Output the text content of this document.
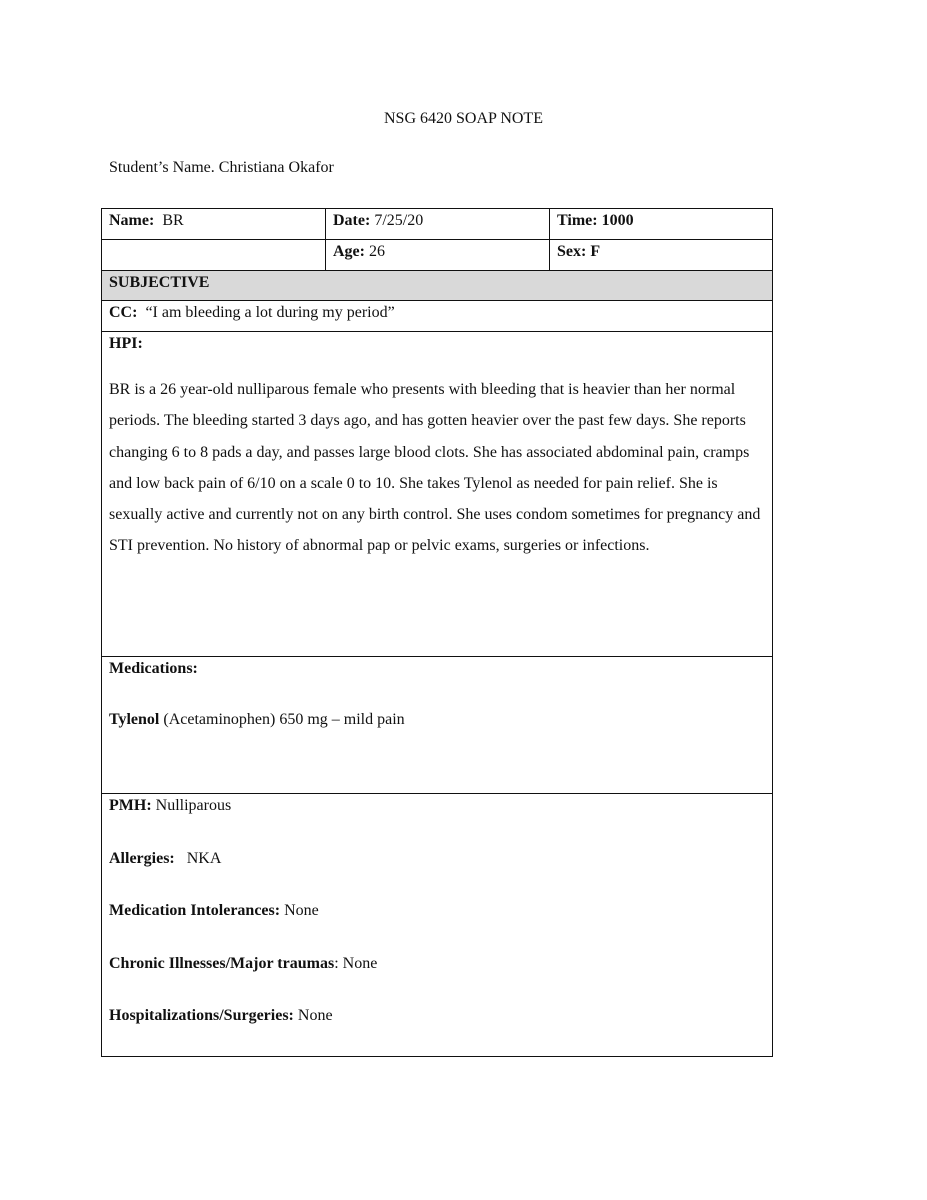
NSG 6420 SOAP NOTE
Student’s Name. Christiana Okafor
Name: BR	Date: 7/25/20	Time: 1000
	Age: 26	Sex: F
SUBJECTIVE		
CC: “I am bleeding a lot during my period”		

HPI:

BR is a 26 year-old nulliparous female who presents with bleeding that is heavier than her normal periods. The bleeding started 3 days ago, and has gotten heavier over the past few days. She reports changing 6 to 8 pads a day, and passes large blood clots. She has associated abdominal pain, cramps and low back pain of 6/10 on a scale 0 to 10. She takes Tylenol as needed for pain relief. She is sexually active and currently not on any birth control. She uses condom sometimes for pregnancy and STI prevention. No history of abnormal pap or pelvic exams, surgeries or infections.		

Medications:

Tylenol (Acetaminophen) 650 mg – mild pain		

PMH: Nulliparous

Allergies: NKA

Medication Intolerances: None

Chronic Illnesses/Major traumas: None

Hospitalizations/Surgeries: None		
